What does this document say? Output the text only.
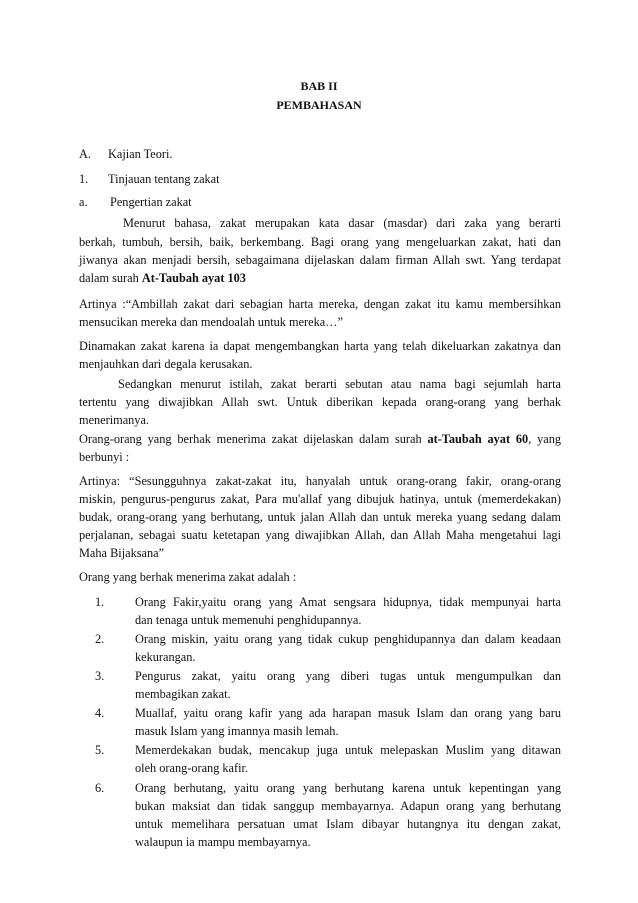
BAB II
PEMBAHASAN
A. Kajian Teori.
1. Tinjauan tentang zakat
a. Pengertian zakat
Menurut bahasa, zakat merupakan kata dasar (masdar) dari zaka yang berarti
berkah, tumbuh, bersih, baik, berkembang. Bagi orang yang mengeluarkan zakat, hati dan
jiwanya akan menjadi bersih, sebagaimana dijelaskan dalam firman Allah swt. Yang terdapat
dalam surah At-Taubah ayat 103
Artinya :“Ambillah zakat dari sebagian harta mereka, dengan zakat itu kamu membersihkan
mensucikan mereka dan mendoalah untuk mereka…”
Dinamakan zakat karena ia dapat mengembangkan harta yang telah dikeluarkan zakatnya dan
menjauhkan dari degala kerusakan.
Sedangkan menurut istilah, zakat berarti sebutan atau nama bagi sejumlah harta
tertentu yang diwajibkan Allah swt. Untuk diberikan kepada orang-orang yang berhak
menerimanya.
Orang-orang yang berhak menerima zakat dijelaskan dalam surah at-Taubah ayat 60, yang
berbunyi :
Artinya: “Sesungguhnya zakat-zakat itu, hanyalah untuk orang-orang fakir, orang-orang
miskin, pengurus-pengurus zakat, Para mu'allaf yang dibujuk hatinya, untuk (memerdekakan)
budak, orang-orang yang berhutang, untuk jalan Allah dan untuk mereka yuang sedang dalam
perjalanan, sebagai suatu ketetapan yang diwajibkan Allah, dan Allah Maha mengetahui lagi
Maha Bijaksana”
Orang yang berhak menerima zakat adalah :
1.	Orang Fakir,yaitu orang yang Amat sengsara hidupnya, tidak mempunyai harta
dan tenaga untuk memenuhi penghidupannya.
2.	Orang miskin, yaitu orang yang tidak cukup penghidupannya dan dalam keadaan
kekurangan.
3.	Pengurus zakat, yaitu orang yang diberi tugas untuk mengumpulkan dan
membagikan zakat.
4.	Muallaf, yaitu orang kafir yang ada harapan masuk Islam dan orang yang baru
masuk Islam yang imannya masih lemah.
5.	Memerdekakan budak, mencakup juga untuk melepaskan Muslim yang ditawan
oleh orang-orang kafir.
6.	Orang berhutang, yaitu orang yang berhutang karena untuk kepentingan yang
bukan maksiat dan tidak sanggup membayarnya. Adapun orang yang berhutang
untuk memelihara persatuan umat Islam dibayar hutangnya itu dengan zakat,
walaupun ia mampu membayarnya.
